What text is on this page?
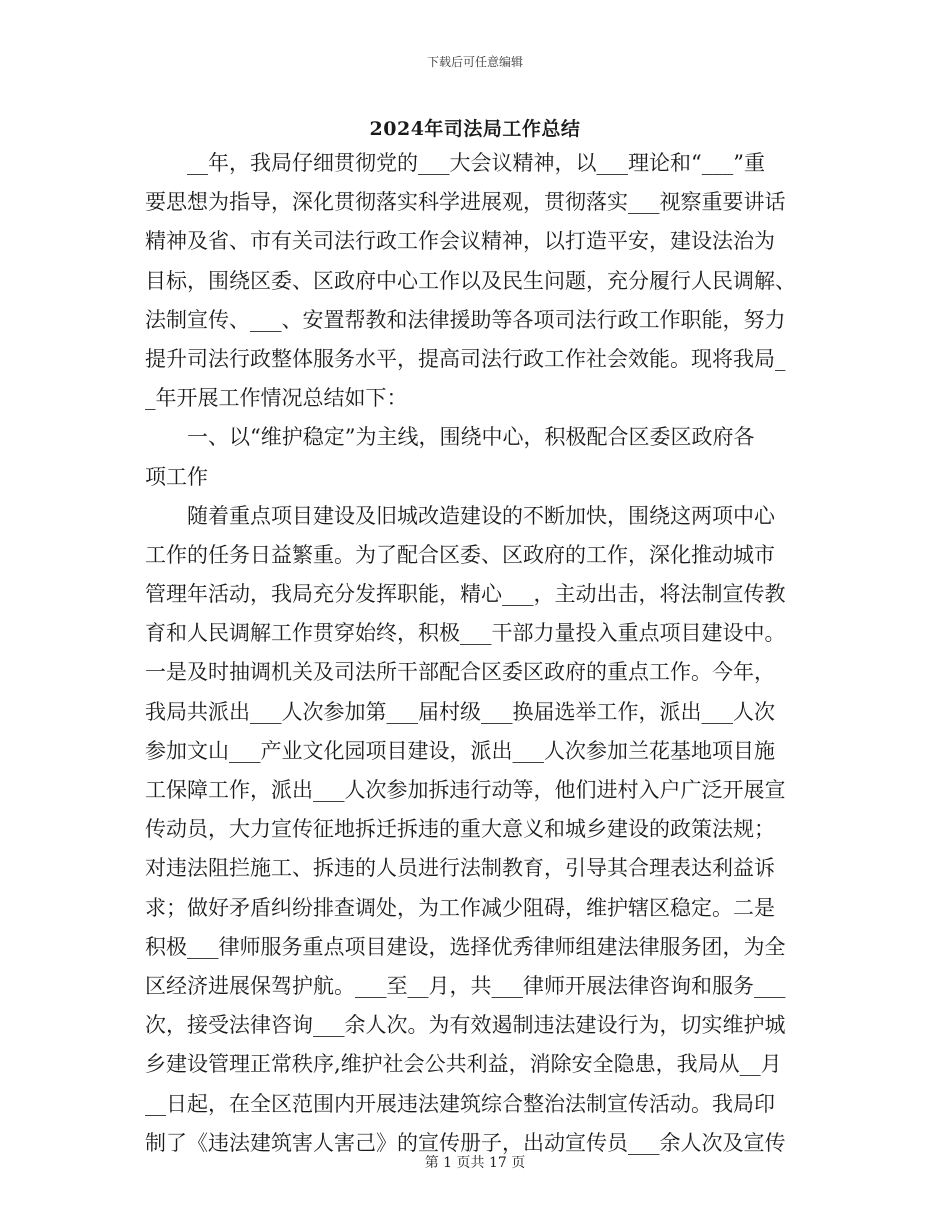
下载后可任意编辑
2024年司法局工作总结
__年，我局仔细贯彻党的___大会议精神，以___理论和“___”重
要思想为指导，深化贯彻落实科学进展观，贯彻落实___视察重要讲话
精神及省、市有关司法行政工作会议精神，以打造平安，建设法治为
目标，围绕区委、区政府中心工作以及民生问题，充分履行人民调解、
法制宣传、___、安置帮教和法律援助等各项司法行政工作职能，努力
提升司法行政整体服务水平，提高司法行政工作社会效能。现将我局_
_年开展工作情况总结如下：
一、以“维护稳定”为主线，围绕中心，积极配合区委区政府各
项工作
随着重点项目建设及旧城改造建设的不断加快，围绕这两项中心
工作的任务日益繁重。为了配合区委、区政府的工作，深化推动城市
管理年活动，我局充分发挥职能，精心___，主动出击，将法制宣传教
育和人民调解工作贯穿始终，积极___干部力量投入重点项目建设中。
一是及时抽调机关及司法所干部配合区委区政府的重点工作。今年，
我局共派出___人次参加第___届村级___换届选举工作，派出___人次
参加文山___产业文化园项目建设，派出___人次参加兰花基地项目施
工保障工作，派出___人次参加拆违行动等，他们进村入户广泛开展宣
传动员，大力宣传征地拆迁拆违的重大意义和城乡建设的政策法规；
对违法阻拦施工、拆违的人员进行法制教育，引导其合理表达利益诉
求；做好矛盾纠纷排查调处，为工作减少阻碍，维护辖区稳定。二是
积极___律师服务重点项目建设，选择优秀律师组建法律服务团，为全
区经济进展保驾护航。___至__月，共___律师开展法律咨询和服务___
次，接受法律咨询___余人次。为有效遏制违法建设行为，切实维护城
乡建设管理正常秩序,维护社会公共利益，消除安全隐患，我局从__月
__日起，在全区范围内开展违法建筑综合整治法制宣传活动。我局印
制了《违法建筑害人害己》的宣传册子，出动宣传员___余人次及宣传
第 1 页共 17 页
